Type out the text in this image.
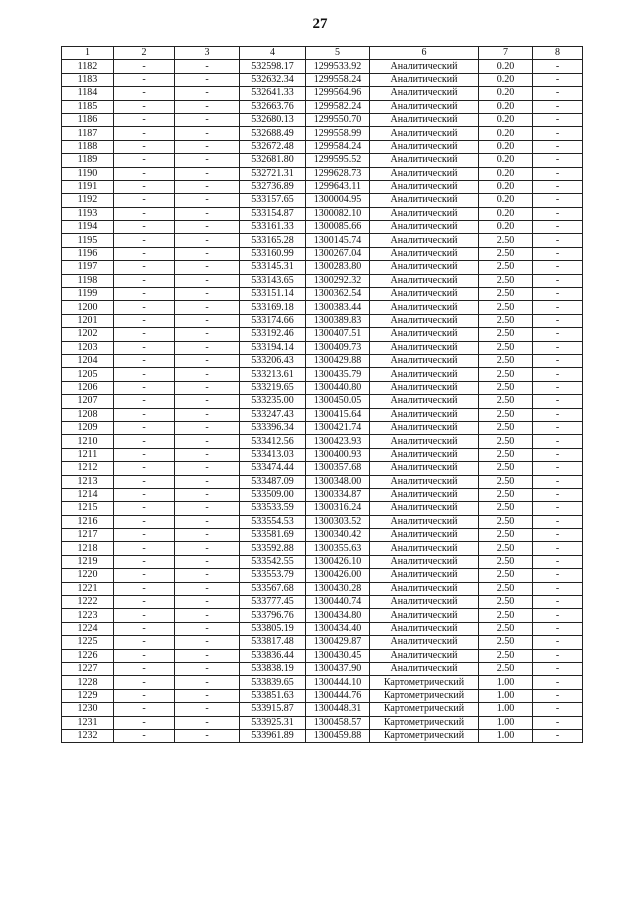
27
1	2	3	4	5	6	7	8
1182	-	-	532598.17	1299533.92	Аналитический	0.20	-
1183	-	-	532632.34	1299558.24	Аналитический	0.20	-
1184	-	-	532641.33	1299564.96	Аналитический	0.20	-
1185	-	-	532663.76	1299582.24	Аналитический	0.20	-
1186	-	-	532680.13	1299550.70	Аналитический	0.20	-
1187	-	-	532688.49	1299558.99	Аналитический	0.20	-
1188	-	-	532672.48	1299584.24	Аналитический	0.20	-
1189	-	-	532681.80	1299595.52	Аналитический	0.20	-
1190	-	-	532721.31	1299628.73	Аналитический	0.20	-
1191	-	-	532736.89	1299643.11	Аналитический	0.20	-
1192	-	-	533157.65	1300004.95	Аналитический	0.20	-
1193	-	-	533154.87	1300082.10	Аналитический	0.20	-
1194	-	-	533161.33	1300085.66	Аналитический	0.20	-
1195	-	-	533165.28	1300145.74	Аналитический	2.50	-
1196	-	-	533160.99	1300267.04	Аналитический	2.50	-
1197	-	-	533145.31	1300283.80	Аналитический	2.50	-
1198	-	-	533143.65	1300292.32	Аналитический	2.50	-
1199	-	-	533151.14	1300362.54	Аналитический	2.50	-
1200	-	-	533169.18	1300383.44	Аналитический	2.50	-
1201	-	-	533174.66	1300389.83	Аналитический	2.50	-
1202	-	-	533192.46	1300407.51	Аналитический	2.50	-
1203	-	-	533194.14	1300409.73	Аналитический	2.50	-
1204	-	-	533206.43	1300429.88	Аналитический	2.50	-
1205	-	-	533213.61	1300435.79	Аналитический	2.50	-
1206	-	-	533219.65	1300440.80	Аналитический	2.50	-
1207	-	-	533235.00	1300450.05	Аналитический	2.50	-
1208	-	-	533247.43	1300415.64	Аналитический	2.50	-
1209	-	-	533396.34	1300421.74	Аналитический	2.50	-
1210	-	-	533412.56	1300423.93	Аналитический	2.50	-
1211	-	-	533413.03	1300400.93	Аналитический	2.50	-
1212	-	-	533474.44	1300357.68	Аналитический	2.50	-
1213	-	-	533487.09	1300348.00	Аналитический	2.50	-
1214	-	-	533509.00	1300334.87	Аналитический	2.50	-
1215	-	-	533533.59	1300316.24	Аналитический	2.50	-
1216	-	-	533554.53	1300303.52	Аналитический	2.50	-
1217	-	-	533581.69	1300340.42	Аналитический	2.50	-
1218	-	-	533592.88	1300355.63	Аналитический	2.50	-
1219	-	-	533542.55	1300426.10	Аналитический	2.50	-
1220	-	-	533553.79	1300426.00	Аналитический	2.50	-
1221	-	-	533567.68	1300430.28	Аналитический	2.50	-
1222	-	-	533777.45	1300440.74	Аналитический	2.50	-
1223	-	-	533796.76	1300434.80	Аналитический	2.50	-
1224	-	-	533805.19	1300434.40	Аналитический	2.50	-
1225	-	-	533817.48	1300429.87	Аналитический	2.50	-
1226	-	-	533836.44	1300430.45	Аналитический	2.50	-
1227	-	-	533838.19	1300437.90	Аналитический	2.50	-
1228	-	-	533839.65	1300444.10	Картометрический	1.00	-
1229	-	-	533851.63	1300444.76	Картометрический	1.00	-
1230	-	-	533915.87	1300448.31	Картометрический	1.00	-
1231	-	-	533925.31	1300458.57	Картометрический	1.00	-
1232	-	-	533961.89	1300459.88	Картометрический	1.00	-
